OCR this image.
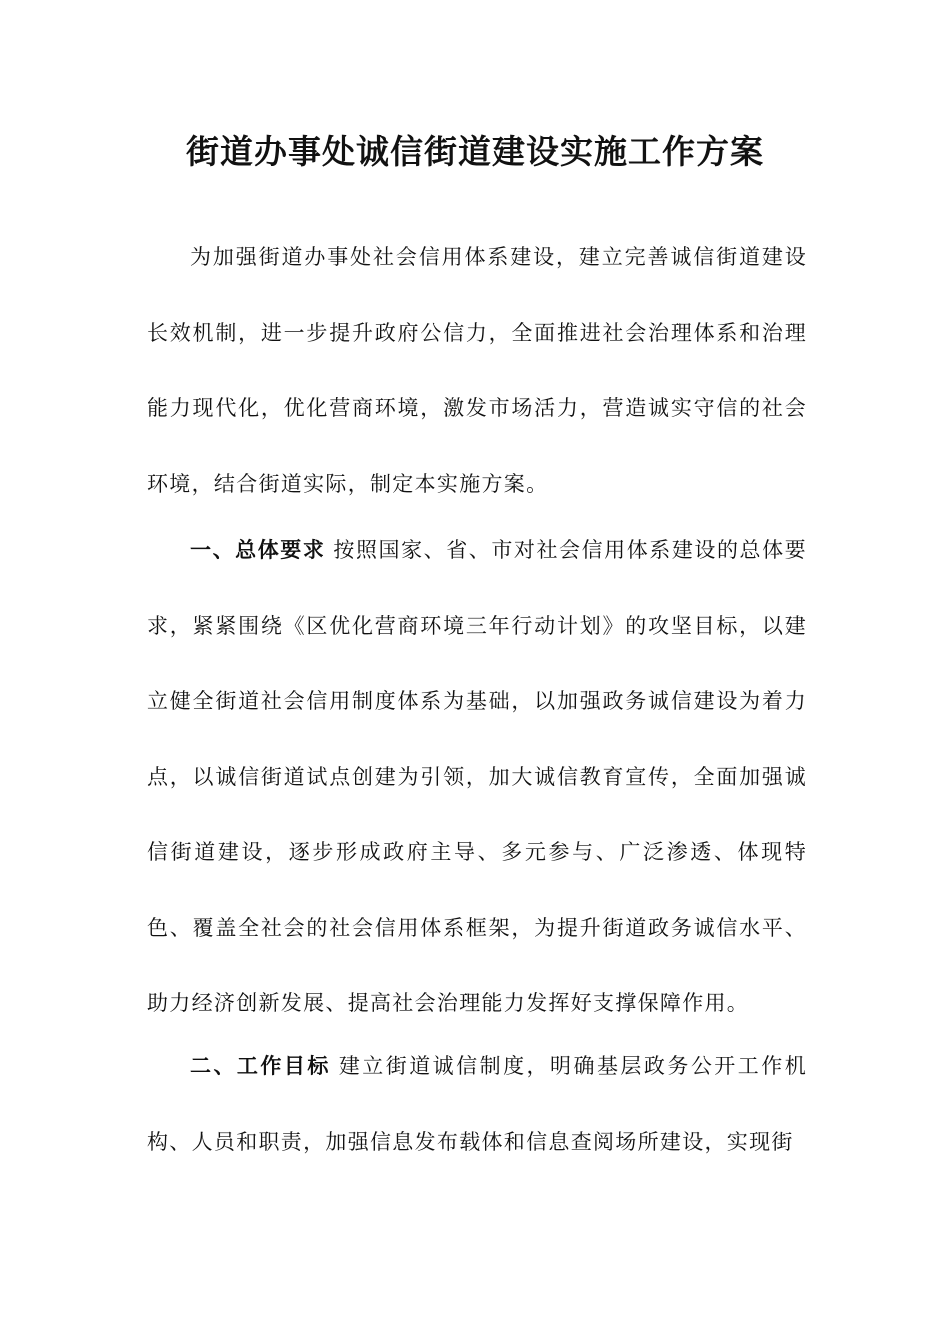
街道办事处诚信街道建设实施工作方案

为加强街道办事处社会信用体系建设，建立完善诚信街道建设长效机制，进一步提升政府公信力，全面推进社会治理体系和治理能力现代化，优化营商环境，激发市场活力，营造诚实守信的社会环境，结合街道实际，制定本实施方案。

一、总体要求 按照国家、省、市对社会信用体系建设的总体要求，紧紧围绕《区优化营商环境三年行动计划》的攻坚目标，以建立健全街道社会信用制度体系为基础，以加强政务诚信建设为着力点，以诚信街道试点创建为引领，加大诚信教育宣传，全面加强诚信街道建设，逐步形成政府主导、多元参与、广泛渗透、体现特色、覆盖全社会的社会信用体系框架，为提升街道政务诚信水平、助力经济创新发展、提高社会治理能力发挥好支撑保障作用。

二、工作目标 建立街道诚信制度，明确基层政务公开工作机构、人员和职责，加强信息发布载体和信息查阅场所建设，实现街
